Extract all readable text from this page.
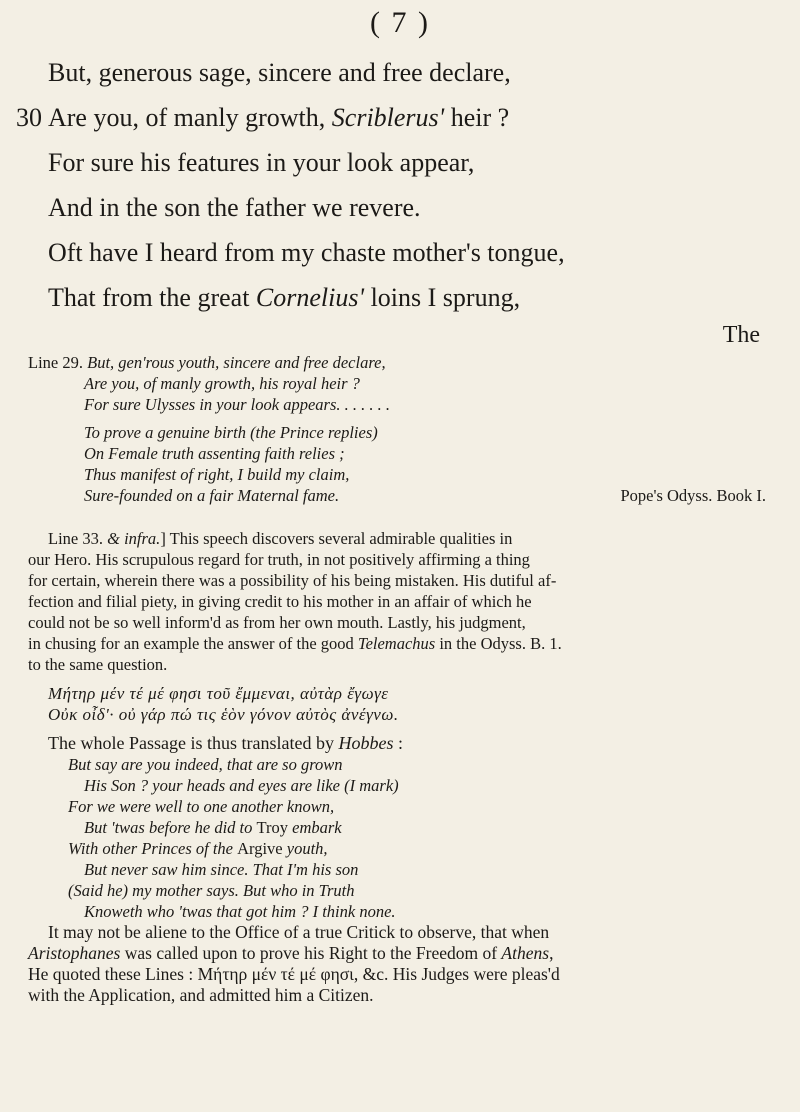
( 7 )
But, generous sage, sincere and free declare,
30 Are you, of manly growth, Scriblerus' heir ?
For sure his features in your look appear,
And in the son the father we revere.
Oft have I heard from my chaste mother's tongue,
That from the great Cornelius' loins I sprung,
The
Line 29. But, gen'rous youth, sincere and free declare,
Are you, of manly growth, his royal heir ?
For sure Ulysses in your look appears. . . . . . .
To prove a genuine birth (the Prince replies)
On Female truth assenting faith relies ;
Thus manifest of right, I build my claim,
Sure-founded on a fair Maternal fame.	Pope's Odyss. Book I.
Line 33. & infra.] This speech discovers several admirable qualities in
our Hero. His scrupulous regard for truth, in not positively affirming a thing
for certain, wherein there was a possibility of his being mistaken. His dutiful af-
fection and filial piety, in giving credit to his mother in an affair of which he
could not be so well inform'd as from her own mouth. Lastly, his judgment,
in chusing for an example the answer of the good Telemachus in the Odyss. B. 1.
to the same question.
Μήτηρ μέν τέ μέ φησι τοῦ ἔμμεναι, αὐτὰρ ἔγωγε
Οὐκ οἶδ'· οὐ γάρ πώ τις ἑὸν γόνον αὐτὸς ἀνέγνω.
The whole Passage is thus translated by Hobbes :
But say are you indeed, that are so grown
His Son ? your heads and eyes are like (I mark)
For we were well to one another known,
But 'twas before he did to Troy embark
With other Princes of the Argive youth,
But never saw him since. That I'm his son
(Said he) my mother says. But who in Truth
Knoweth who 'twas that got him ? I think none.
It may not be aliene to the Office of a true Critick to observe, that when
Aristophanes was called upon to prove his Right to the Freedom of Athens,
He quoted these Lines : Μήτηρ μέν τέ μέ φησι, &c. His Judges were pleas'd
with the Application, and admitted him a Citizen.
